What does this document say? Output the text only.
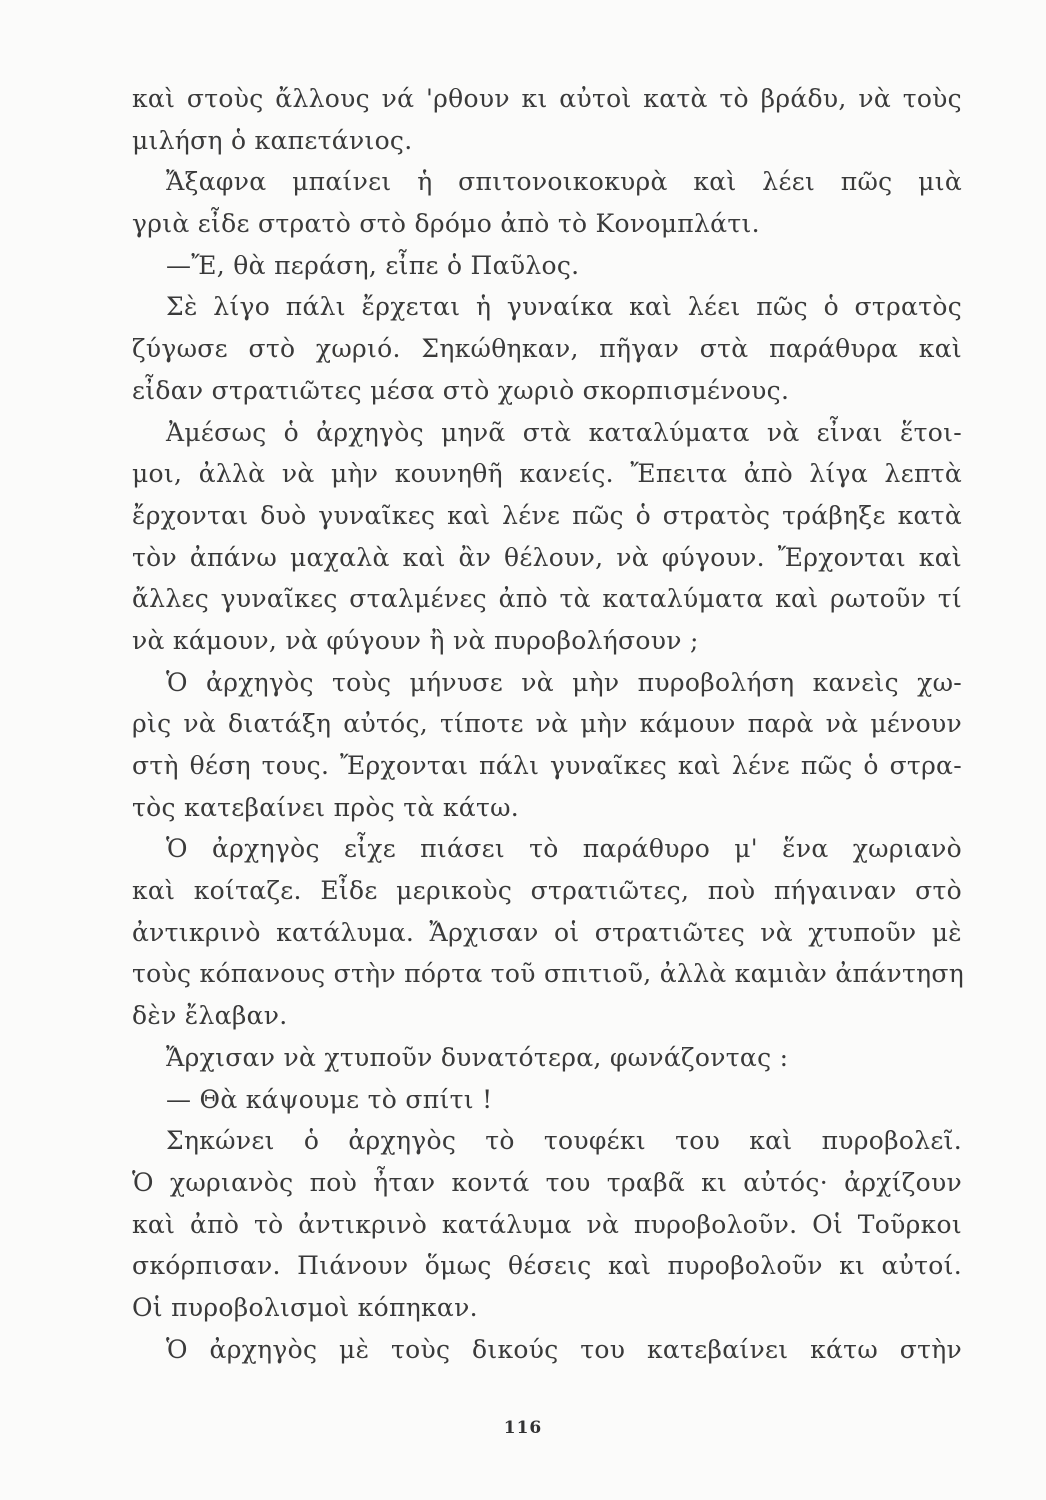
καὶ στοὺς ἄλλους νά 'ρθουν κι αὐτοὶ κατὰ τὸ βράδυ, νὰ τοὺς
μιλήση ὁ καπετάνιος.
Ἄξαφνα μπαίνει ἡ σπιτονοικοκυρὰ καὶ λέει πῶς μιὰ
γριὰ εἶδε στρατὸ στὸ δρόμο ἀπὸ τὸ Κονομπλάτι.
—Ἔ, θὰ περάση, εἶπε ὁ Παῦλος.
Σὲ λίγο πάλι ἔρχεται ἡ γυναίκα καὶ λέει πῶς ὁ στρατὸς
ζύγωσε στὸ χωριό. Σηκώθηκαν, πῆγαν στὰ παράθυρα καὶ
εἶδαν στρατιῶτες μέσα στὸ χωριὸ σκορπισμένους.
Ἀμέσως ὁ ἀρχηγὸς μηνᾶ στὰ καταλύματα νὰ εἶναι ἕτοι-
μοι, ἀλλὰ νὰ μὴν κουνηθῆ κανείς. Ἔπειτα ἀπὸ λίγα λεπτὰ
ἔρχονται δυὸ γυναῖκες καὶ λένε πῶς ὁ στρατὸς τράβηξε κατὰ
τὸν ἀπάνω μαχαλὰ καὶ ἂν θέλουν, νὰ φύγουν. Ἔρχονται καὶ
ἄλλες γυναῖκες σταλμένες ἀπὸ τὰ καταλύματα καὶ ρωτοῦν τί
νὰ κάμουν, νὰ φύγουν ἢ νὰ πυροβολήσουν ;
Ὁ ἀρχηγὸς τοὺς μήνυσε νὰ μὴν πυροβολήση κανεὶς χω-
ρὶς νὰ διατάξη αὐτός, τίποτε νὰ μὴν κάμουν παρὰ νὰ μένουν
στὴ θέση τους. Ἔρχονται πάλι γυναῖκες καὶ λένε πῶς ὁ στρα-
τὸς κατεβαίνει πρὸς τὰ κάτω.
Ὁ ἀρχηγὸς εἶχε πιάσει τὸ παράθυρο μ' ἕνα χωριανὸ
καὶ κοίταζε. Εἶδε μερικοὺς στρατιῶτες, ποὺ πήγαιναν στὸ
ἀντικρινὸ κατάλυμα. Ἄρχισαν οἱ στρατιῶτες νὰ χτυποῦν μὲ
τοὺς κόπανους στὴν πόρτα τοῦ σπιτιοῦ, ἀλλὰ καμιὰν ἀπάντηση
δὲν ἔλαβαν.
Ἄρχισαν νὰ χτυποῦν δυνατότερα, φωνάζοντας :
— Θὰ κάψουμε τὸ σπίτι !
Σηκώνει ὁ ἀρχηγὸς τὸ τουφέκι του καὶ πυροβολεῖ.
Ὁ χωριανὸς ποὺ ἦταν κοντά του τραβᾶ κι αὐτός· ἀρχίζουν
καὶ ἀπὸ τὸ ἀντικρινὸ κατάλυμα νὰ πυροβολοῦν. Οἱ Τοῦρκοι
σκόρπισαν. Πιάνουν ὅμως θέσεις καὶ πυροβολοῦν κι αὐτοί.
Οἱ πυροβολισμοὶ κόπηκαν.
Ὁ ἀρχηγὸς μὲ τοὺς δικούς του κατεβαίνει κάτω στὴν
116
